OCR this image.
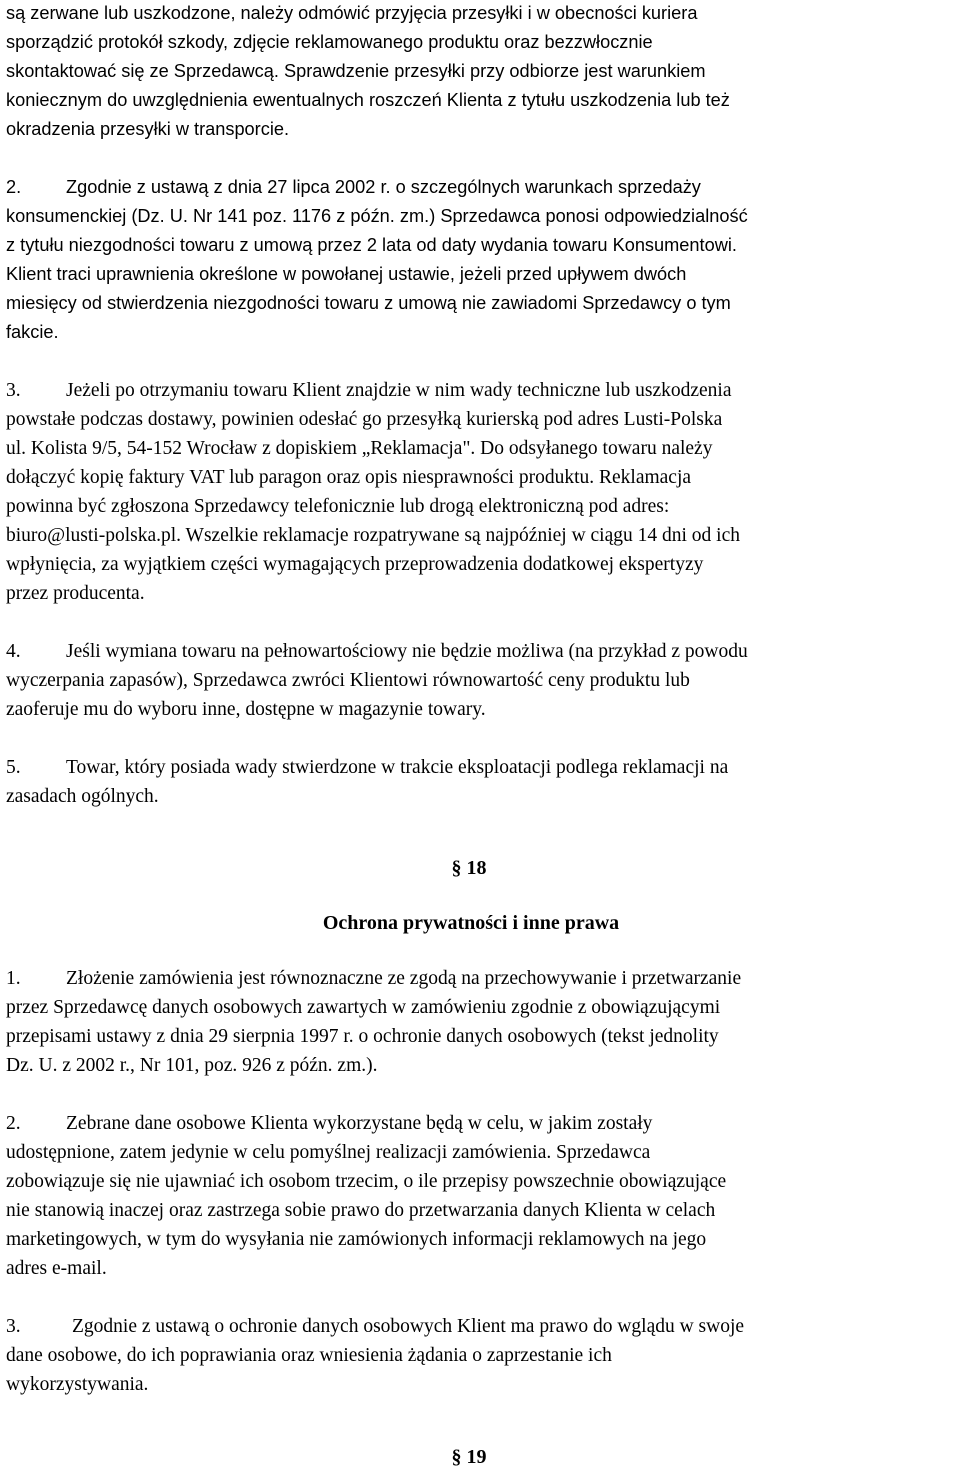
są zerwane lub uszkodzone, należy odmówić przyjęcia przesyłki i w obecności kuriera

sporządzić protokół szkody, zdjęcie reklamowanego produktu oraz bezzwłocznie

skontaktować się ze Sprzedawcą. Sprawdzenie przesyłki przy odbiorze jest warunkiem

koniecznym do uwzględnienia ewentualnych roszczeń Klienta z tytułu uszkodzenia lub też

okradzenia przesyłki w transporcie.

2. Zgodnie z ustawą z dnia 27 lipca 2002 r. o szczególnych warunkach sprzedaży

konsumenckiej (Dz. U. Nr 141 poz. 1176 z późn. zm.) Sprzedawca ponosi odpowiedzialność

z tytułu niezgodności towaru z umową przez 2 lata od daty wydania towaru Konsumentowi.

Klient traci uprawnienia określone w powołanej ustawie, jeżeli przed upływem dwóch

miesięcy od stwierdzenia niezgodności towaru z umową nie zawiadomi Sprzedawcy o tym

fakcie.

3. Jeżeli po otrzymaniu towaru Klient znajdzie w nim wady techniczne lub uszkodzenia

powstałe podczas dostawy, powinien odesłać go przesyłką kurierską pod adres Lusti-Polska

ul. Kolista 9/5, 54-152 Wrocław z dopiskiem „Reklamacja". Do odsyłanego towaru należy

dołączyć kopię faktury VAT lub paragon oraz opis niesprawności produktu. Reklamacja

powinna być zgłoszona Sprzedawcy telefonicznie lub drogą elektroniczną pod adres:

biuro@lusti-polska.pl. Wszelkie reklamacje rozpatrywane są najpóźniej w ciągu 14 dni od ich

wpłynięcia, za wyjątkiem części wymagających przeprowadzenia dodatkowej ekspertyzy

przez producenta.

4. Jeśli wymiana towaru na pełnowartościowy nie będzie możliwa (na przykład z powodu

wyczerpania zapasów), Sprzedawca zwróci Klientowi równowartość ceny produktu lub

zaoferuje mu do wyboru inne, dostępne w magazynie towary.

5. Towar, który posiada wady stwierdzone w trakcie eksploatacji podlega reklamacji na

zasadach ogólnych.

§ 18

Ochrona prywatności i inne prawa

1. Złożenie zamówienia jest równoznaczne ze zgodą na przechowywanie i przetwarzanie

przez Sprzedawcę danych osobowych zawartych w zamówieniu zgodnie z obowiązującymi

przepisami ustawy z dnia 29 sierpnia 1997 r. o ochronie danych osobowych (tekst jednolity

Dz. U. z 2002 r., Nr 101, poz. 926 z późn. zm.).

2. Zebrane dane osobowe Klienta wykorzystane będą w celu, w jakim zostały

udostępnione, zatem jedynie w celu pomyślnej realizacji zamówienia. Sprzedawca

zobowiązuje się nie ujawniać ich osobom trzecim, o ile przepisy powszechnie obowiązujące

nie stanowią inaczej oraz zastrzega sobie prawo do przetwarzania danych Klienta w celach

marketingowych, w tym do wysyłania nie zamówionych informacji reklamowych na jego

adres e-mail.

3.	Zgodnie z ustawą o ochronie danych osobowych Klient ma prawo do wglądu w swoje

dane osobowe, do ich poprawiania oraz wniesienia żądania o zaprzestanie ich

wykorzystywania.

§ 19
